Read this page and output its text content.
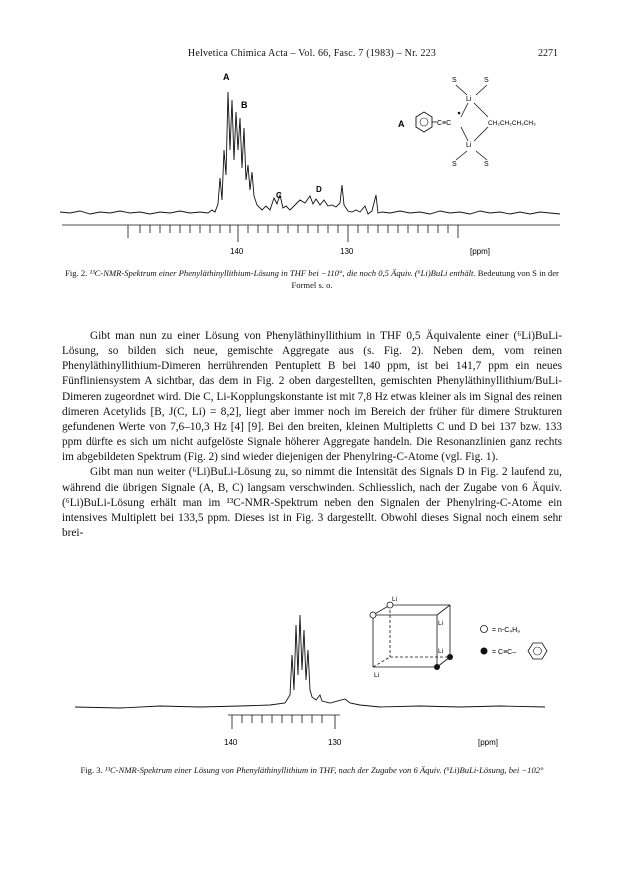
Helvetica Chimica Acta – Vol. 66, Fasc. 7 (1983) – Nr. 223	2271
140	130	[ppm]
A
B
C
D
A	C≡C
S	S
Li
Li
S	S
CH₂CH₂CH₂CH₃
Fig. 2. ¹³C-NMR-Spektrum einer Phenyläthinyllithium-Lösung in THF bei −110°, die noch 0,5 Äquiv. (⁶Li)BuLi enthält. Bedeutung von S in der Formel s. o.

Gibt man nun zu einer Lösung von Phenyläthinyllithium in THF 0,5 Äquivalente einer (⁶Li)BuLi-Lösung, so bilden sich neue, gemischte Aggregate aus (s. Fig. 2). Neben dem, vom reinen Phenyläthinyllithium-Dimeren herrührenden Pentuplett B bei 140 ppm, ist bei 141,7 ppm ein neues Fünfliniensystem A sichtbar, das dem in Fig. 2 oben dargestellten, gemischten Phenyläthinyllithium/BuLi-Dimeren zugeordnet wird. Die C, Li-Kopplungskonstante ist mit 7,8 Hz etwas kleiner als im Signal des reinen dimeren Acetylids [B, J(C, Li) = 8,2], liegt aber immer noch im Bereich der früher für dimere Strukturen gefundenen Werte von 7,6–10,3 Hz [4] [9]. Bei den breiten, kleinen Multipletts C und D bei 137 bzw. 133 ppm dürfte es sich um nicht aufgelöste Signale höherer Aggregate handeln. Die Resonanzlinien ganz rechts im abgebildeten Spektrum (Fig. 2) sind wieder diejenigen der Phenylring-C-Atome (vgl. Fig. 1).

Gibt man nun weiter (⁶Li)BuLi-Lösung zu, so nimmt die Intensität des Signals D in Fig. 2 laufend zu, während die übrigen Signale (A, B, C) langsam verschwinden. Schliesslich, nach der Zugabe von 6 Äquiv. (⁶Li)BuLi-Lösung erhält man im ¹³C-NMR-Spektrum neben den Signalen der Phenylring-C-Atome ein intensives Multiplett bei 133,5 ppm. Dieses ist in Fig. 3 dargestellt. Obwohl dieses Signal noch einem sehr brei-

140	130	[ppm]
Li
Li
Li
Li
= n-C₄H₉
= C≡C–
Fig. 3. ¹³C-NMR-Spektrum einer Lösung von Phenyläthinyllithium in THF, nach der Zugabe von 6 Äquiv. (⁶Li)BuLi-Lösung, bei −102°
